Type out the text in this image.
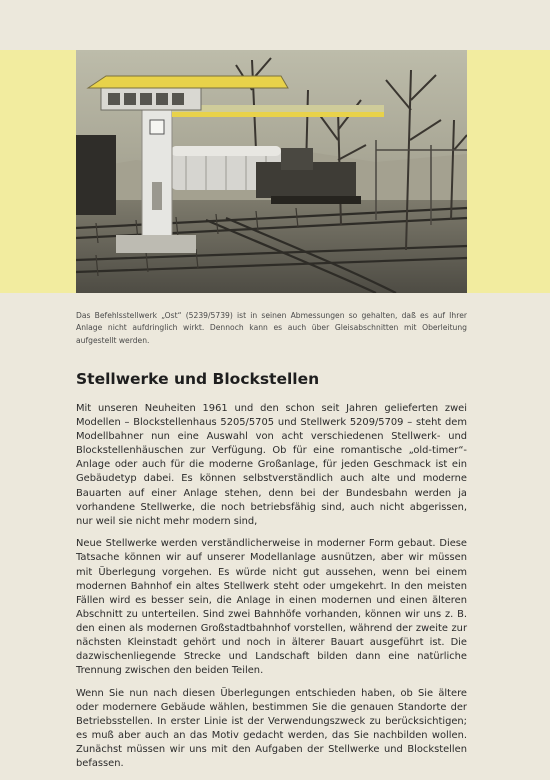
Das Befehlsstellwerk „Ost“ (5239/5739) ist in seinen Abmessungen so gehalten, daß es auf Ihrer Anlage nicht aufdringlich wirkt. Dennoch kann es auch über Gleisabschnitten mit Oberleitung aufgestellt werden.
Stellwerke und Blockstellen

Mit unseren Neuheiten 1961 und den schon seit Jahren gelieferten zwei Modellen – Blockstellenhaus 5205/5705 und Stellwerk 5209/5709 – steht dem Modellbahner nun eine Auswahl von acht verschiedenen Stellwerk- und Blockstellenhäuschen zur Verfügung. Ob für eine romantische „old-timer“-Anlage oder auch für die moderne Großanlage, für jeden Geschmack ist ein Gebäudetyp dabei. Es können selbstverständlich auch alte und moderne Bauarten auf einer Anlage stehen, denn bei der Bundesbahn werden ja vorhandene Stellwerke, die noch betriebsfähig sind, auch nicht abgerissen, nur weil sie nicht mehr modern sind,

Neue Stellwerke werden verständlicherweise in moderner Form gebaut. Diese Tatsache können wir auf unserer Modellanlage ausnützen, aber wir müssen mit Überlegung vorgehen. Es würde nicht gut aussehen, wenn bei einem modernen Bahnhof ein altes Stellwerk steht oder umgekehrt. In den meisten Fällen wird es besser sein, die Anlage in einen modernen und einen älteren Abschnitt zu unterteilen. Sind zwei Bahnhöfe vorhanden, können wir uns z. B. den einen als modernen Großstadtbahnhof vorstellen, während der zweite zur nächsten Kleinstadt gehört und noch in älterer Bauart ausgeführt ist. Die dazwischenliegende Strecke und Landschaft bilden dann eine natürliche Trennung zwischen den beiden Teilen.

Wenn Sie nun nach diesen Überlegungen entschieden haben, ob Sie ältere oder modernere Gebäude wählen, bestimmen Sie die genauen Standorte der Betriebsstellen. In erster Linie ist der Verwendungszweck zu berücksichtigen; es muß aber auch an das Motiv gedacht werden, das Sie nachbilden wollen. Zunächst müssen wir uns mit den Aufgaben der Stellwerke und Blockstellen befassen.
